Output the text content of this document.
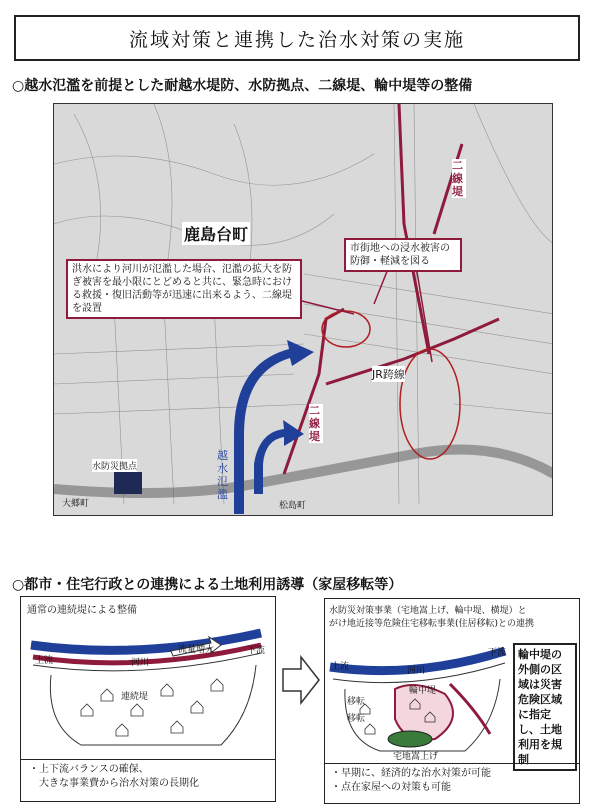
流域対策と連携した治水対策の実施
○越水氾濫を前提とした耐越水堤防、水防拠点、二線堤、輪中堤等の整備
鹿島台町
洪水により河川が氾濫した場合、氾濫の拡大を防ぎ被害を最小限にとどめると共に、緊急時における救援・復旧活動等が迅速に出来るよう、二線堤を設置
市街地への浸水被害の防御・軽減を図る
二線堤
二線堤
JR跨線
越水氾濫
水防災拠点
大郷町	松島町
○都市・住宅行政との連携による土地利用誘導（家屋移転等）
通常の連続堤による整備
上流
下流
河川
流量増大
連続堤
・上下流バランスの確保、
　大きな事業費から治水対策の長期化
水防災対策事業（宅地嵩上げ、輪中堤、横堤）と
がけ地近接等危険住宅移転事業(住居移転)との連携
上流
下流
河川
輪中堤
移転
移転
宅地嵩上げ
輪中堤の
外側の区
域は災害
危険区域
に指定
し、土地
利用を規
制
・早期に、経済的な治水対策が可能
・点在家屋への対策も可能
